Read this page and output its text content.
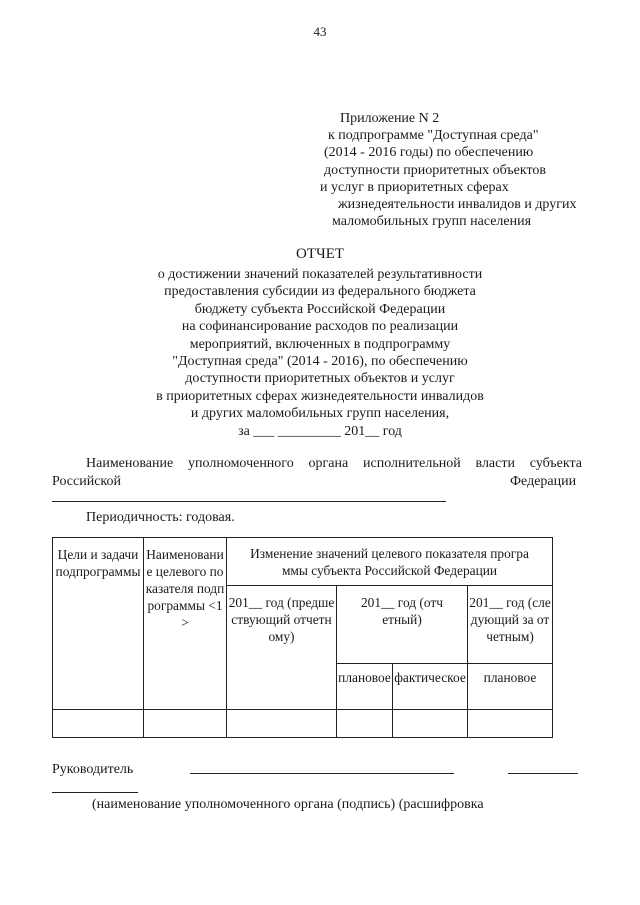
43
Приложение N 2
к подпрограмме "Доступная среда"
(2014 - 2016 годы) по обеспечению
доступности приоритетных объектов
и услуг в приоритетных сферах
жизнедеятельности инвалидов и других
маломобильных групп населения
ОТЧЕТ
о достижении значений показателей результативности
предоставления субсидии из федерального бюджета
бюджету субъекта Российской Федерации
на софинансирование расходов по реализации
мероприятий, включенных в подпрограмму
"Доступная среда" (2014 - 2016), по обеспечению
доступности приоритетных объектов и услуг
в приоритетных сферах жизнедеятельности инвалидов
и других маломобильных групп населения,
за ___ _________ 201__ год
Наименование уполномоченного органа исполнительной власти субъекта
Российской	Федерации
Периодичность: годовая.
Цели и задачи подпрограммы	Наименование целевого показателя подпрограммы <1>	Изменение значений целевого показателя программы субъекта Российской Федерации			
		201__ год (предшествующий отчетному)	201__ год (отчетный)		201__ год (следующий за отчетным)
			плановое	фактическое	плановое

Руководитель
(наименование уполномоченного органа (подпись) (расшифровка
